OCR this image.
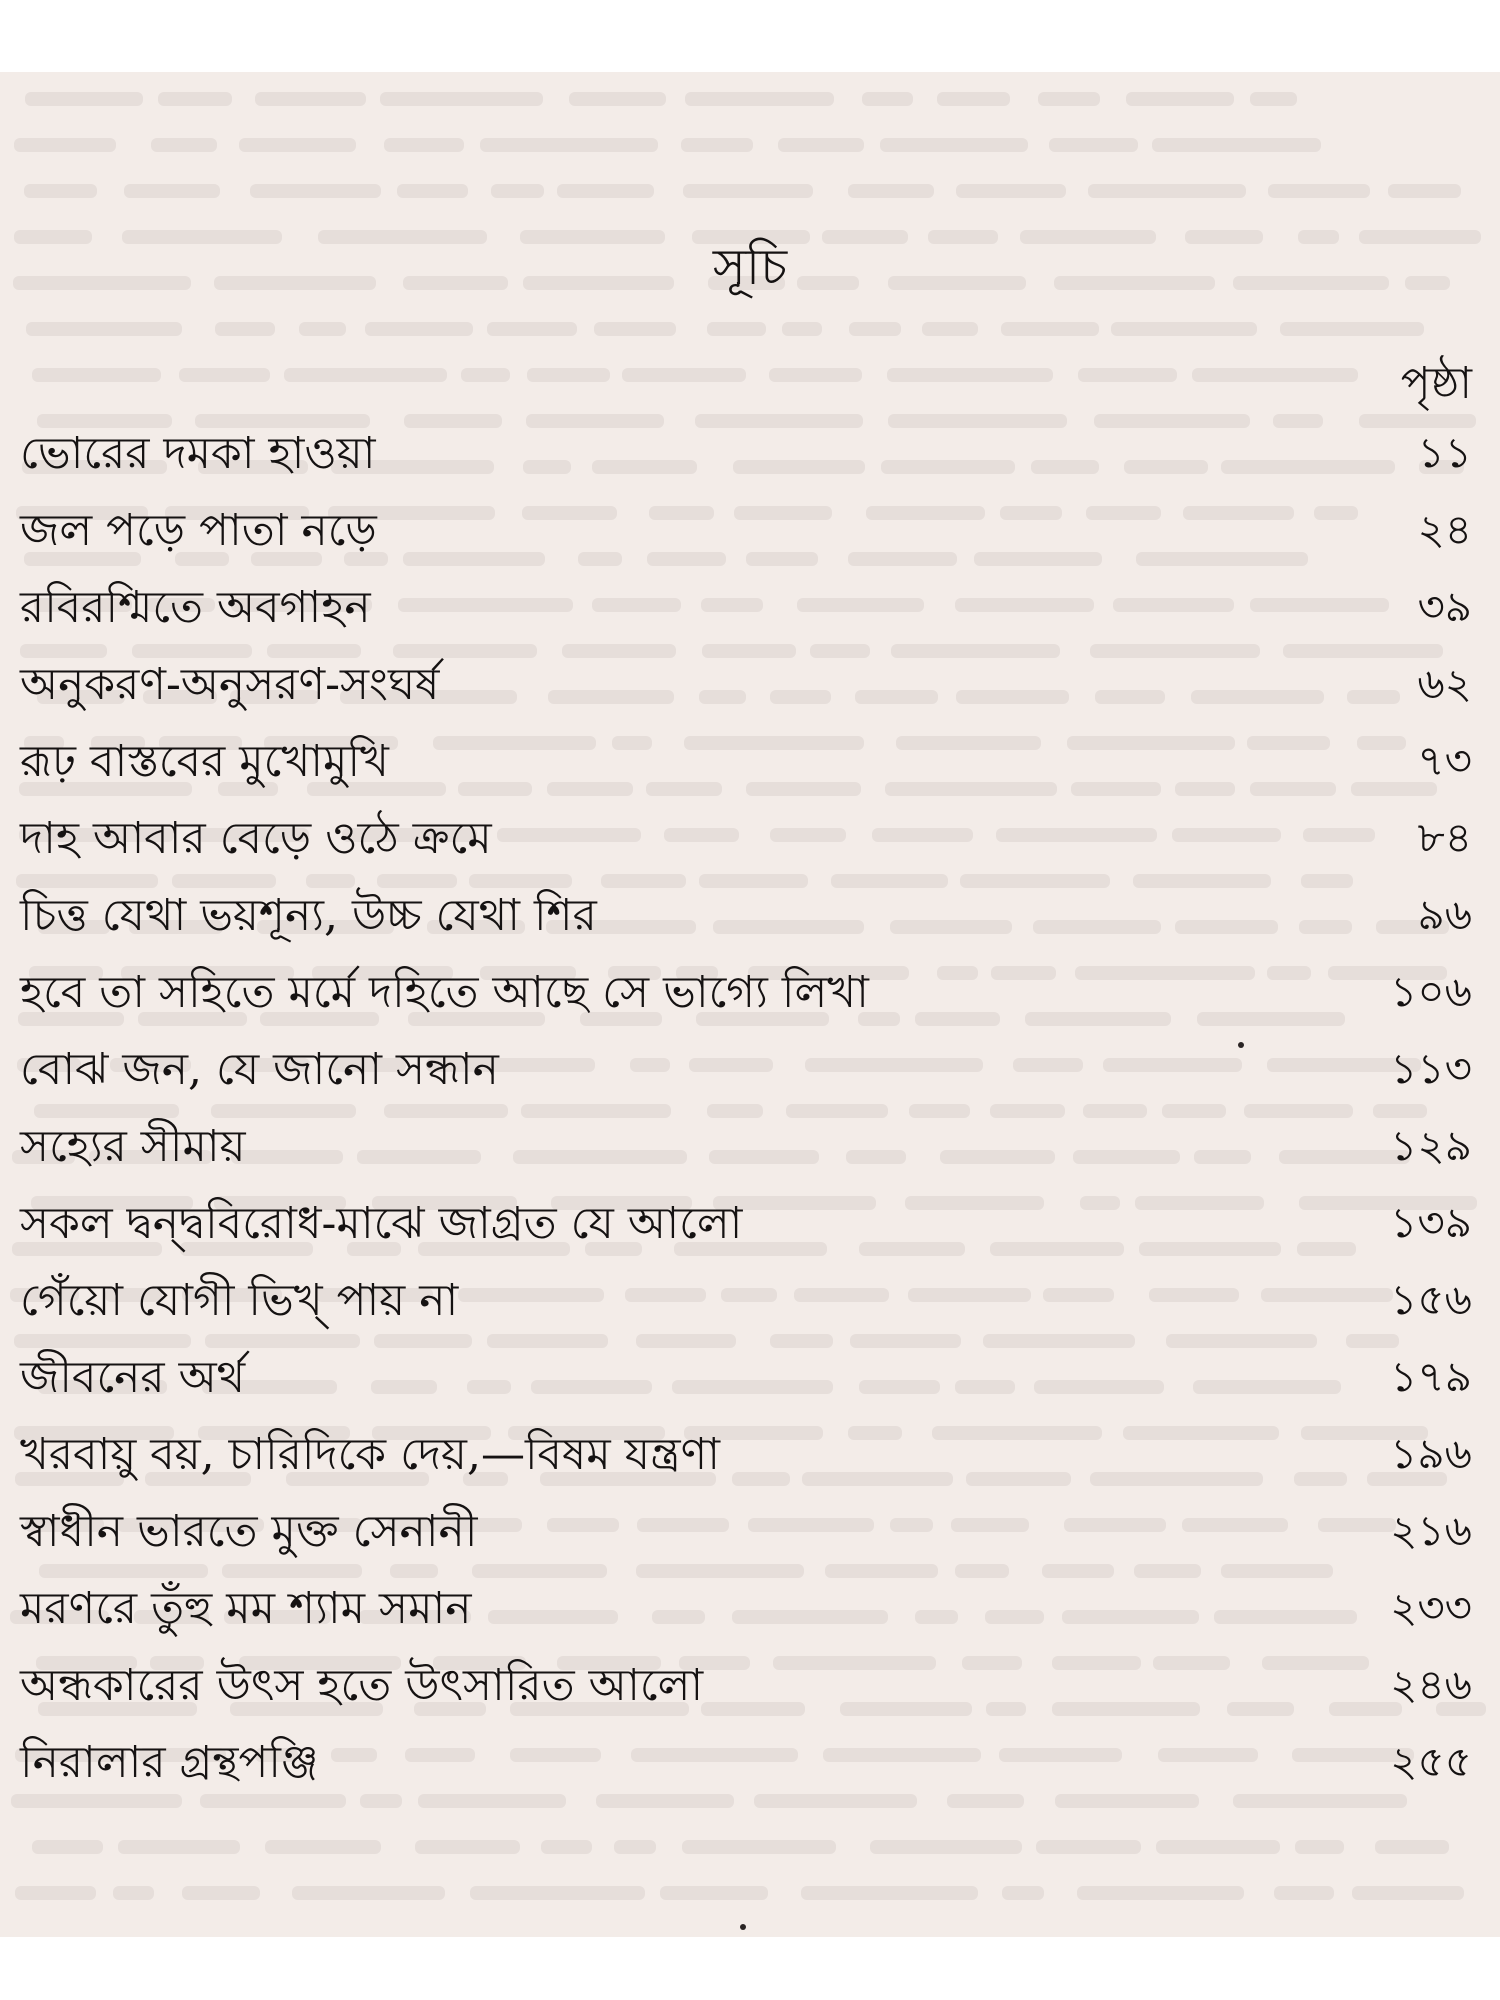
সূচি
পৃষ্ঠা
ভোরের দমকা হাওয়া	১১
জল পড়ে পাতা নড়ে	২৪
রবিরশ্মিতে অবগাহন	৩৯
অনুকরণ-অনুসরণ-সংঘর্ষ	৬২
রূঢ় বাস্তবের মুখোমুখি	৭৩
দাহ আবার বেড়ে ওঠে ক্রমে	৮৪
চিত্ত যেথা ভয়শূন্য, উচ্চ যেথা শির	৯৬
হবে তা সহিতে মর্মে দহিতে আছে সে ভাগ্যে লিখা	১০৬
বোঝ জন, যে জানো সন্ধান	১১৩
সহ্যের সীমায়	১২৯
সকল দ্বন্দ্ববিরোধ-মাঝে জাগ্রত যে আলো	১৩৯
গেঁয়ো যোগী ভিখ্ পায় না	১৫৬
জীবনের অর্থ	১৭৯
খরবায়ু বয়, চারিদিকে দেয়,—বিষম যন্ত্রণা	১৯৬
স্বাধীন ভারতে মুক্ত সেনানী	২১৬
মরণরে তুঁহু মম শ্যাম সমান	২৩৩
অন্ধকারের উৎস হতে উৎসারিত আলো	২৪৬
নিরালার গ্রন্থপঞ্জি	২৫৫
